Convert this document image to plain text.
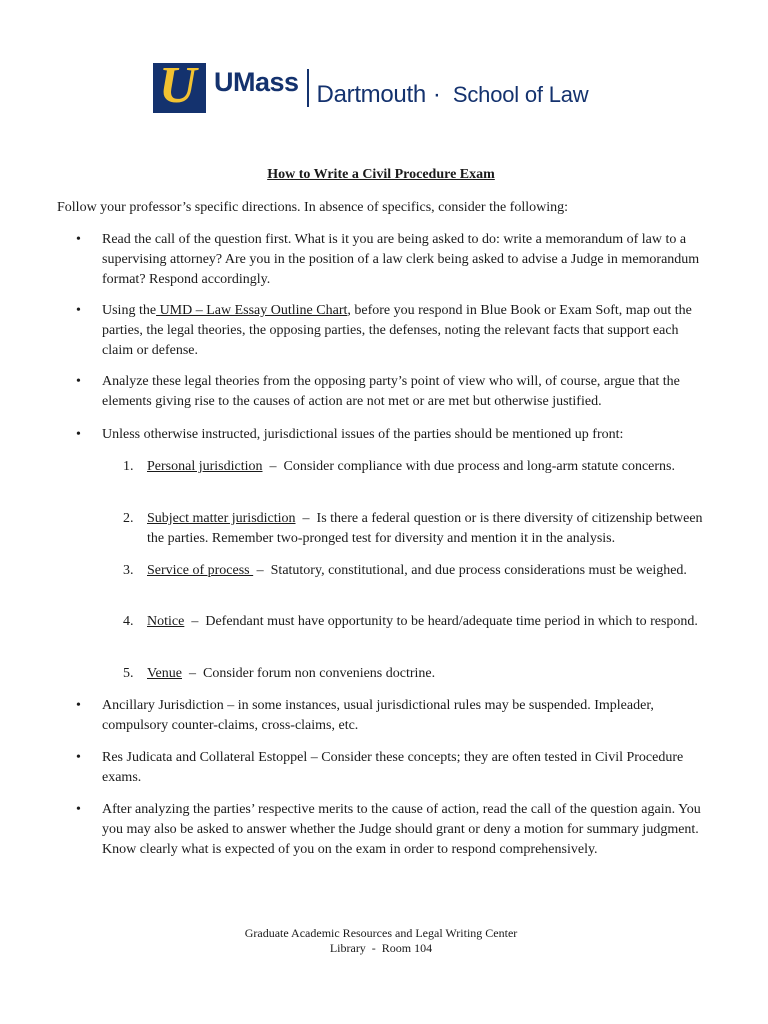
U UMass Dartmouth · School of Law
How to Write a Civil Procedure Exam
Follow your professor’s specific directions. In absence of specifics, consider the following:
• Read the call of the question first. What is it you are being asked to do: write a memorandum of law to a supervising attorney? Are you in the position of a law clerk being asked to advise a Judge in memorandum format? Respond accordingly.
• Using the UMD – Law Essay Outline Chart, before you respond in Blue Book or Exam Soft, map out the parties, the legal theories, the opposing parties, the defenses, noting the relevant facts that support each claim or defense.
• Analyze these legal theories from the opposing party’s point of view who will, of course, argue that the elements giving rise to the causes of action are not met or are met but otherwise justified.
• Unless otherwise instructed, jurisdictional issues of the parties should be mentioned up front:
1. Personal jurisdiction  –  Consider compliance with due process and long-arm statute concerns.
2. Subject matter jurisdiction  –  Is there a federal question or is there diversity of citizenship between the parties. Remember two-pronged test for diversity and mention it in the analysis.
3. Service of process  –  Statutory, constitutional, and due process considerations must be weighed.
4. Notice  –  Defendant must have opportunity to be heard/adequate time period in which to respond.
5. Venue  –  Consider forum non conveniens doctrine.
• Ancillary Jurisdiction – in some instances, usual jurisdictional rules may be suspended. Impleader, compulsory counter-claims, cross-claims, etc.
• Res Judicata and Collateral Estoppel – Consider these concepts; they are often tested in Civil Procedure exams.
• After analyzing the parties’ respective merits to the cause of action, read the call of the question again. You you may also be asked to answer whether the Judge should grant or deny a motion for summary judgment. Know clearly what is expected of you on the exam in order to respond comprehensively.
Graduate Academic Resources and Legal Writing Center
Library  -  Room 104
